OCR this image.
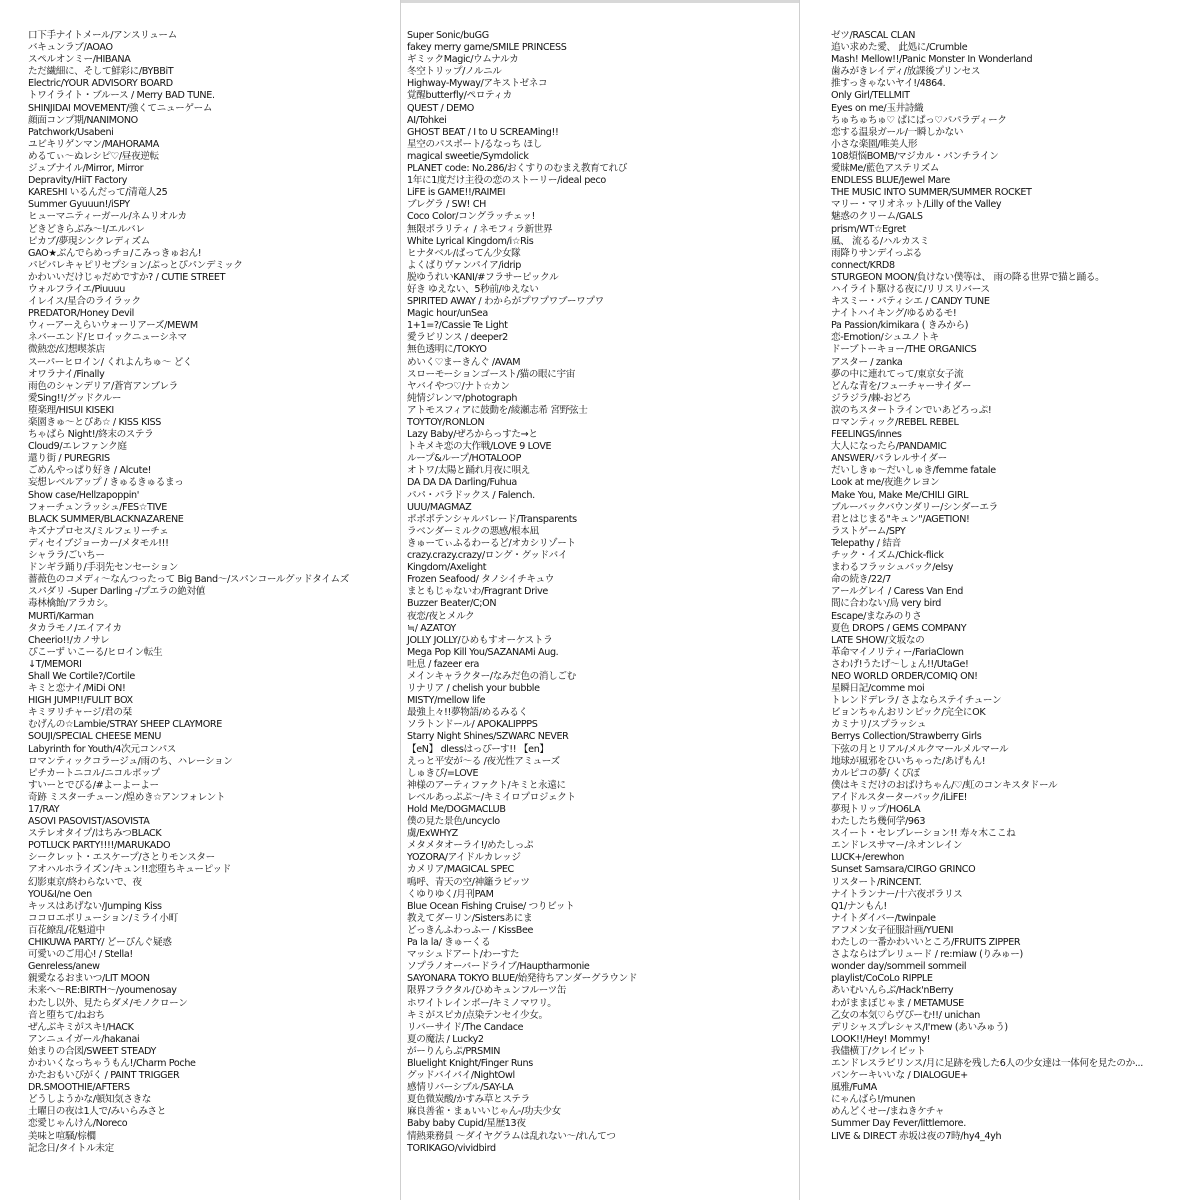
口下手ナイトメール/アンスリューム
バキュンラブ/AOAO
スペルオンミー/HIBANA
ただ繊細に、そして鮮彩に/BYBBiT
Electric/YOUR ADVISORY BOARD
トワイライト・ブルース / Merry BAD TUNE.
SHINJIDAI MOVEMENT/強くてニューゲーム
顔面コンプ期/NANIMONO
Patchwork/Usabeni
ユビキリゲンマン/MAHORAMA
めるてぃ〜ぬレシピ♡/昼夜逆転
ジュブナイル/Mirror, Mirror
Depravity/HiiT Factory
KARESHI いるんだって/清竜人25
Summer Gyuuun!/iSPY
ヒューマニティーガール/ネムリオルカ
どきどきらぶみ〜!/エルバレ
ピカブ/夢現シンクレディズム
GAO★ぶんでらめっチョ/こみっきゅおん!
パピパレキャピリセプション/ぷっとぴパンデミック
かわいいだけじゃだめですか? / CUTIE STREET
ウォルフライエ/Piuuuu
イレイス/星合のライラック
PREDATOR/Honey Devil
ウィーアーえらいウォーリアーズ/MEWM
ネバーエンド/ヒロイックニューシネマ
微熱恋/幻想喫茶店
スーパーヒロイン/ くれよんちゅ〜 どく
オワラナイ/Finally
雨色のシャンデリア/蒼宵アンブレラ
愛Sing!!/グッドクルー
堕楽理/HISUI KISEKI
楽園きゅ〜とぴあ☆ / KISS KISS
ちゃぱら Night!/終末のステラ
Cloud9/エレファンク庭
還り街 / PUREGRIS
ごめんやっぱり好き / Alcute!
妄想レベルアップ / きゅるきゅるまっ
Show case/Hellzapoppin'
フォーチュンラッシュ/FES☆TIVE
BLACK SUMMER/BLACKNAZARENE
キズナプロセス/ミルフェリーチェ
ディセイブジョーカー/メタモル!!!
シャララ/ごいちー
ドンギラ踊り/手羽先センセーション
薔薇色のコメディ〜なんつったって Big Band〜/スパンコールグッドタイムズ
スパダリ -Super Darling -/プエラの絶対値
毒林檎飴/アラカシ。
MURTi/Karman
タカラモノ/エイアイカ
Cheerio!!/カノサレ
ぴこーず いこーる/ヒロイン転生
↓T/MEMORI
Shall We Cortile?/Cortile
キミと恋ナイ/MiDi ON!
HIGH JUMP!!/FULIT BOX
キミヲリチャージ/君の栞
むげんの☆Lambie/STRAY SHEEP CLAYMORE
SOUJI/SPECIAL CHEESE MENU
Labyrinth for Youth/4次元コンパス
ロマンティックコラージュ/雨のち、ハレーション
ピチカートニコル/ニコルポップ
すいーとでぴる/#よーよーよー
奇跡 ミスターチューン/煌めき☆アンフォレント
17/RAY
ASOVI PASOVIST/ASOVISTA
ステレオタイプ/はちみつBLACK
POTLUCK PARTY!!!!/MARUKADO
シークレット・エスケープ/さとりモンスター
アオハルホライズン/キュン!!恋堕ちキューピッド
幻影東京/終わらないで、夜
YOU&I/ne Oen
キッスはあげない/Jumping Kiss
ココロエボリューション/ミライ小町
百花繚乱/花魁道中
CHIKUWA PARTY/ どーぴんぐ疑惑
可愛いのご用心! / Stella!
Genreless/anew
親愛なるおまいつ/LIT MOON
未来へ〜RE:BIRTH〜/youmenosay
わたし以外、見たらダメ/モノクローン
音と堕ちて/ねおち
ぜんぶキミがスキ!/HACK
アンニュイガール/hakanai
始まりの合図/SWEET STEADY
かわいくなっちゃうもん!/Charm Poche
かたおもいぴがく / PAINT TRIGGER
DR.SMOOTHIE/AFTERS
どうしようかな/頓知気さきな
土曜日の夜は1人で/みいらみさと
恋愛じゃんけん/Noreco
美味と喧騒/棕櫚
記念日/タイトル未定
Super Sonic/buGG
fakey merry game/SMILE PRINCESS
ギミックMagic/ウムナルカ
冬空トリップ/ノルニル
Highway-Myway/アキストゼネコ
覚醒butterfly/ペロティカ
QUEST / DEMO
AI/Tohkei
GHOST BEAT / I to U SCREAMing!!
星空のパスポート/るなっち ほし
magical sweetie/Symdolick
PLANET code: No.286/おくすりのむまえ教育てれび
1年に1度だけ主役の恋のストーリー/ideal peco
LiFE is GAME!!/RAIMEI
ブレグラ / SW! CH
Coco Color/コングラッチェッ!
無限ポラリティ / ネモフィラ新世界
White Lyrical Kingdom/i☆Ris
ヒナタベル/ぱってん少女隊
よくばりヴァンパイア/idrip
脱ゆうれいKANI/#フラサーピックル
好き ゆえない、5秒前/ゆえない
SPIRITED AWAY / わからがプワプワブーワプワ
Magic hour/unSea
1+1=?/Cassie Te Light
愛ラビリンス / deeper2
無色透明に/TOKYO
めいく♡まーきんぐ /AVAM
スローモーションゴースト/猫の眼に宇宙
ヤバイやつ♡/ナト☆カン
純情ジレンマ/photograph
アトモスフィアに鼓動を/綾瀬志希 宮野弦士
TOYTOY/RONLON
Lazy Baby/ぜろからっすた→と
トキメキ恋の大作戦/LOVE 9 LOVE
ループ&ループ/HOTALOOP
オトワ/太陽と踊れ月夜に唄え
DA DA DA Darling/Fuhua
パパ・パラドックス / Falench.
UUU/MAGMAZ
ポポポテンシャルパレード/Transparents
ラベンダーミルクの悪感/根本凪
きゅーてぃふるわーるど/オカシリゾート
crazy.crazy.crazy/ロング・グッドバイ
Kingdom/Axelight
Frozen Seafood/ タノシイチキュウ
まともじゃないわ/Fragrant Drive
Buzzer Beater/C;ON
夜恋/夜とメルク
≒/ AZATOY
JOLLY JOLLY/ひめもすオーケストラ
Mega Pop Kill You/SAZANAMi Aug.
吐息 / fazeer era
メインキャラクター/なみだ色の消しごむ
リナリア / chelish your bubble
MISTY/mellow life
最強上々!!夢物語/めるみるく
ソラトンドール/ APOKALIPPPS
Starry Night Shines/SZWARC NEVER
【eN】 dlessはっぴーす!! 【en】
えっと平安が〜る /夜光性アミューズ
しゅきぴ/=LOVE
神様のアーティファクト/キミと永遠に
レベルあっぷぷ〜/キミイロプロジェクト
Hold Me/DOGMACLUB
僕の見た景色/uncyclo
虜/ExWHYZ
メタメタオーライ!/めたしっぷ
YOZORA/アイドルカレッジ
カメリア/MAGICAL SPEC
鳴呼、青天の空/神籬ラビッツ
くゆりゆく/月刊PAM
Blue Ocean Fishing Cruise/ つりビット
教えてダーリン/Sistersあにま
どっきんふわっふー / KissBee
Pa la la/ きゅーくる
マッシュドアート/わーすた
ソプラノオーバードライブ/Hauptharmonie
SAYONARA TOKYO BLUE/始発待ちアンダーグラウンド
限界フラクタル/ひめキュンフルーツ缶
ホワイトレインボー/キミノマワリ。
キミがスピカ/点染テンセイ少女。
リバーサイド/The Candace
夏の魔法 / Lucky2
がーりんらぷ/PRSMIN
Bluelight Knight/Finger Runs
グッドバイバイ/NightOwl
感情リバーシブル/SAY-LA
夏色微炭酸/かすみ草とステラ
麻良善雀・まぁいいじゃん-/功夫少女
Baby baby Cupid/星歴13夜
情熱乗務員 〜ダイヤグラムは乱れない〜/れんてつ
TORIKAGO/vividbird
ゼツ/RASCAL CLAN
追い求めた愛、 此処に/Crumble
Mash! Mellow!!/Panic Monster In Wonderland
歯みがきレイディ/放課後プリンセス
推すっきゃないヤイ!/4864.
Only Girl/TELLMIT
Eyes on me/玉井詩織
ちゅちゅちゅ♡ ぱにぱっ♡パパラディーク
恋する温泉ガール/一瞬しかない
小さな楽園/唯美人形
108煩悩BOMB/マジカル・パンチライン
愛昧Me/藍色アステリズム
ENDLESS BLUE/Jewel Mare
THE MUSIC INTO SUMMER/SUMMER ROCKET
マリー・マリオネット/Lilly of the Valley
魅惑のクリーム/GALS
prism/WT☆Egret
風、 流るる/ハルカスミ
雨降りサンデイっぷる
connect/KRD8
STURGEON MOON/負けない僕等は、 雨の降る世界で猫と踊る。
ハイライト駆ける夜に/リリスリバース
キスミー・パティシエ / CANDY TUNE
ナイトハイキング/ゆるめるモ!
Pa Passion/kimikara ( きみから)
恋-Emotion/シュユノトキ
ドーブトーキョー/THE ORGANICS
アスター / zanka
夢の中に連れてって/東京女子流
どんな青を/フューチャーサイダー
ジラジラ/棘-おどろ
涙のちスタートラインでいあどろっぷ!
ロマンティック/REBEL REBEL
FEELINGS/innes
大人になったら/PANDAMIC
ANSWER/パラレルサイダー
だいしきゅ〜だいしゅき/femme fatale
Look at me/夜進クレヨン
Make You, Make Me/CHILI GIRL
ブルーバックバウンダリー/シンダーエラ
君とはじまる"キュン"/AGETION!
ラストゲーム/SPY
Telepathy / 結音
チック・イズム/Chick-flick
まわるフラッシュバック/elsy
命の続き/22/7
アールグレイ / Caress Van End
間に合わない/鳥 very bird
Escape/まなみのりさ
夏色 DROPS / GEMS COMPANY
LATE SHOW/文坂なの
革命マイノリティー/FariaClown
さわげ!うたげ〜しょん!!/UtaGe!
NEO WORLD ORDER/COMIQ ON!
星瞬日記/comme moi
トレンドデレラ/ さよならステイチューン
ビョンちゃんおリンピック/完全にOK
カミナリ/スプラッシュ
Berrys Collection/Strawberry Girls
下弦の月とリアル/メルクマールメルマール
地球が風邪をひいちゃった/あげもん!
カルピコの夢/ くぴぽ
僕はキミだけのおばけちゃん/♡/虹のコンキスタドール
アイドルスターターパック/iLiFE!
夢現トリップ/HO6LA
わたしたち幾何学/963
スイート・セレブレーション!! 寿々木ここね
エンドレスサマー/ネオンレイン
LUCK+/erewhon
Sunset Samsara/CIRGO GRINCO
リスタート/RiNCENT.
ナイトランナー/十六夜ポラリス
Q1/ナンもん!
ナイトダイバー/twinpale
アフメン女子征服計画/YUENI
わたしの一番かわいいところ/FRUITS ZIPPER
さよならはプレリュード / re:miaw (りみゅー)
wonder day/sommeil sommeil
playlist/CoCoLo RIPPLE
あいむいんらぶ/Hack'nBerry
わがままぼじゃま / METAMUSE
乙女の本気♡らヴぴーむ!!/ unichan
デリシャスプレシャス/I'mew (あいみゅう)
LOOK!!/Hey! Mommy!
我儘横丁/クレイビット
エンドレスラビリンス/月に足跡を残した6人の少女達は一体何を見たのか...
パンケーキいいな / DIALOGUE+
風雅/FuMA
にゃんばら!/munen
めんどくせー/まねきケチャ
Summer Day Fever/littlemore.
LIVE & DIRECT 赤坂は夜の7時/hy4_4yh
